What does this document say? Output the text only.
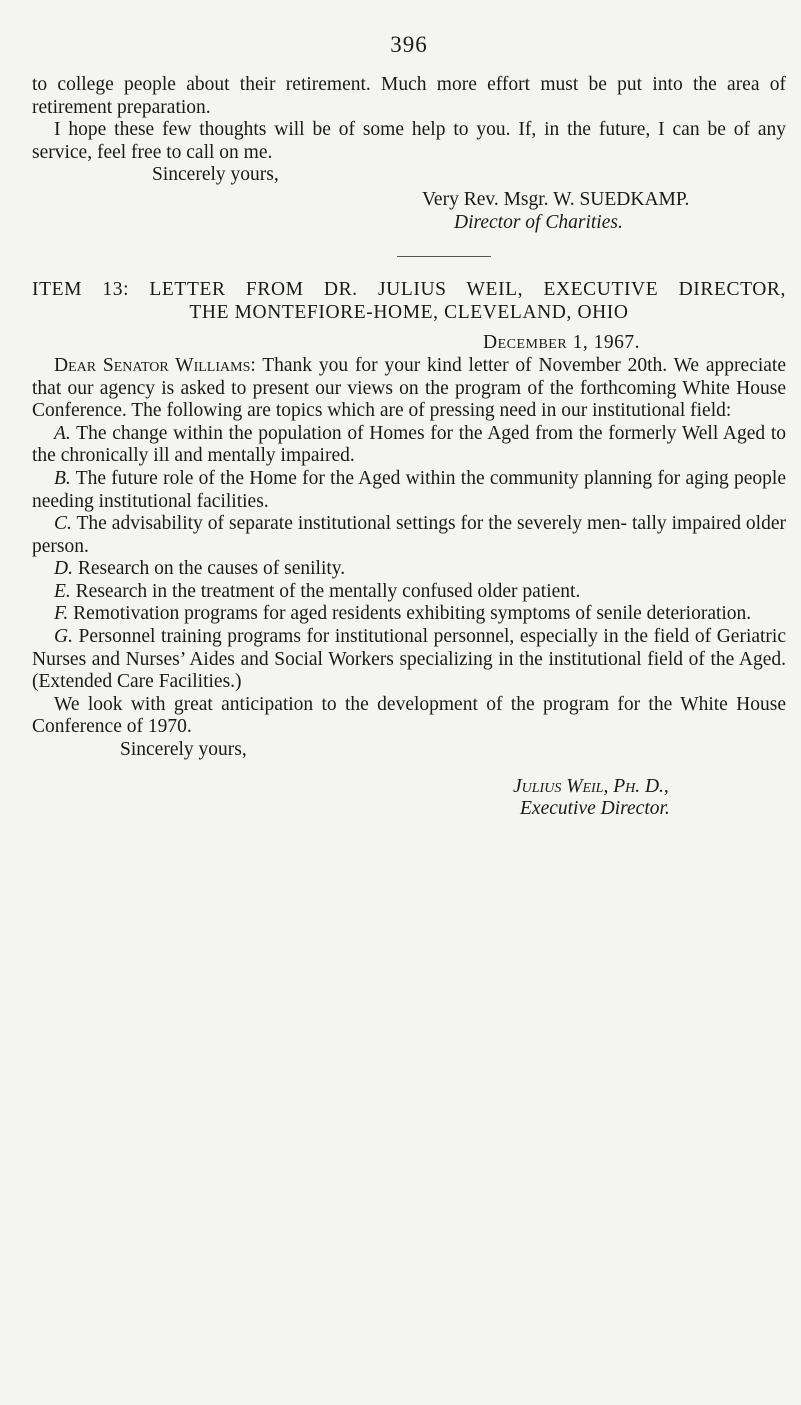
396

to college people about their retirement. Much more effort must be put into the area of retirement preparation.

I hope these few thoughts will be of some help to you. If, in the future, I can be of any service, feel free to call on me.

Sincerely yours,

Very Rev. Msgr. W. SUEDKAMP.

Director of Charities.

ITEM 13: LETTER FROM DR. JULIUS WEIL, EXECUTIVE DIRECTOR,

THE MONTEFIORE-HOME, CLEVELAND, OHIO

December 1, 1967.

Dear Senator Williams: Thank you for your kind letter of November 20th. We appreciate that our agency is asked to present our views on the program of the forthcoming White House Conference. The following are topics which are of pressing need in our institutional field:

A. The change within the population of Homes for the Aged from the formerly Well Aged to the chronically ill and mentally impaired.

B. The future role of the Home for the Aged within the community planning for aging people needing institutional facilities.

C. The advisability of separate institutional settings for the severely men- tally impaired older person.

D. Research on the causes of senility.

E. Research in the treatment of the mentally confused older patient.

F. Remotivation programs for aged residents exhibiting symptoms of senile deterioration.

G. Personnel training programs for institutional personnel, especially in the field of Geriatric Nurses and Nurses’ Aides and Social Workers specializing in the institutional field of the Aged. (Extended Care Facilities.)

We look with great anticipation to the development of the program for the White House Conference of 1970.

Sincerely yours,

Julius Weil, Ph. D.,

Executive Director.
